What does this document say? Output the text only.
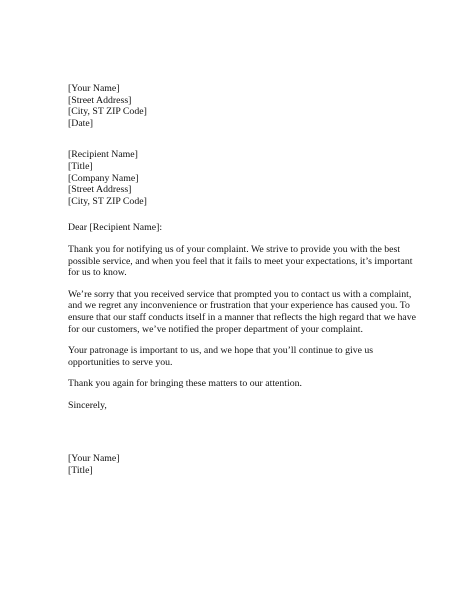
[Your Name]
[Street Address]
[City, ST ZIP Code]
[Date]
[Recipient Name]
[Title]
[Company Name]
[Street Address]
[City, ST ZIP Code]
Dear [Recipient Name]:
Thank you for notifying us of your complaint. We strive to provide you with the best
possible service, and when you feel that it fails to meet your expectations, it’s important
for us to know.
We’re sorry that you received service that prompted you to contact us with a complaint,
and we regret any inconvenience or frustration that your experience has caused you. To
ensure that our staff conducts itself in a manner that reflects the high regard that we have
for our customers, we’ve notified the proper department of your complaint.
Your patronage is important to us, and we hope that you’ll continue to give us
opportunities to serve you.
Thank you again for bringing these matters to our attention.
Sincerely,
[Your Name]
[Title]
